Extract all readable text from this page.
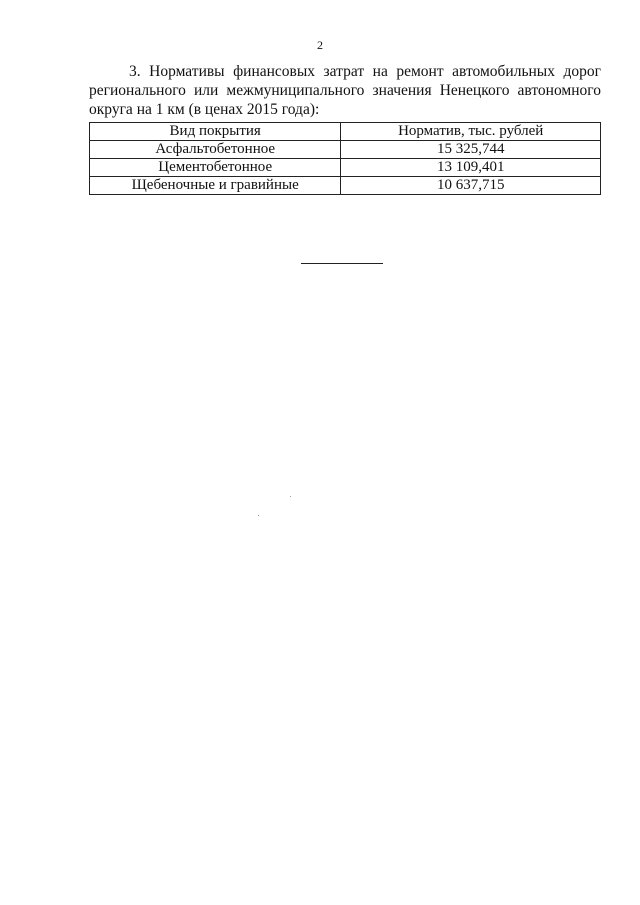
2

3. Нормативы финансовых затрат на ремонт автомобильных дорог регионального или межмуниципального значения Ненецкого автономного округа на 1 км (в ценах 2015 года):

Вид покрытия	Норматив, тыс. рублей
Асфальтобетонное	15 325,744
Цементобетонное	13 109,401
Щебеночные и гравийные	10 637,715
